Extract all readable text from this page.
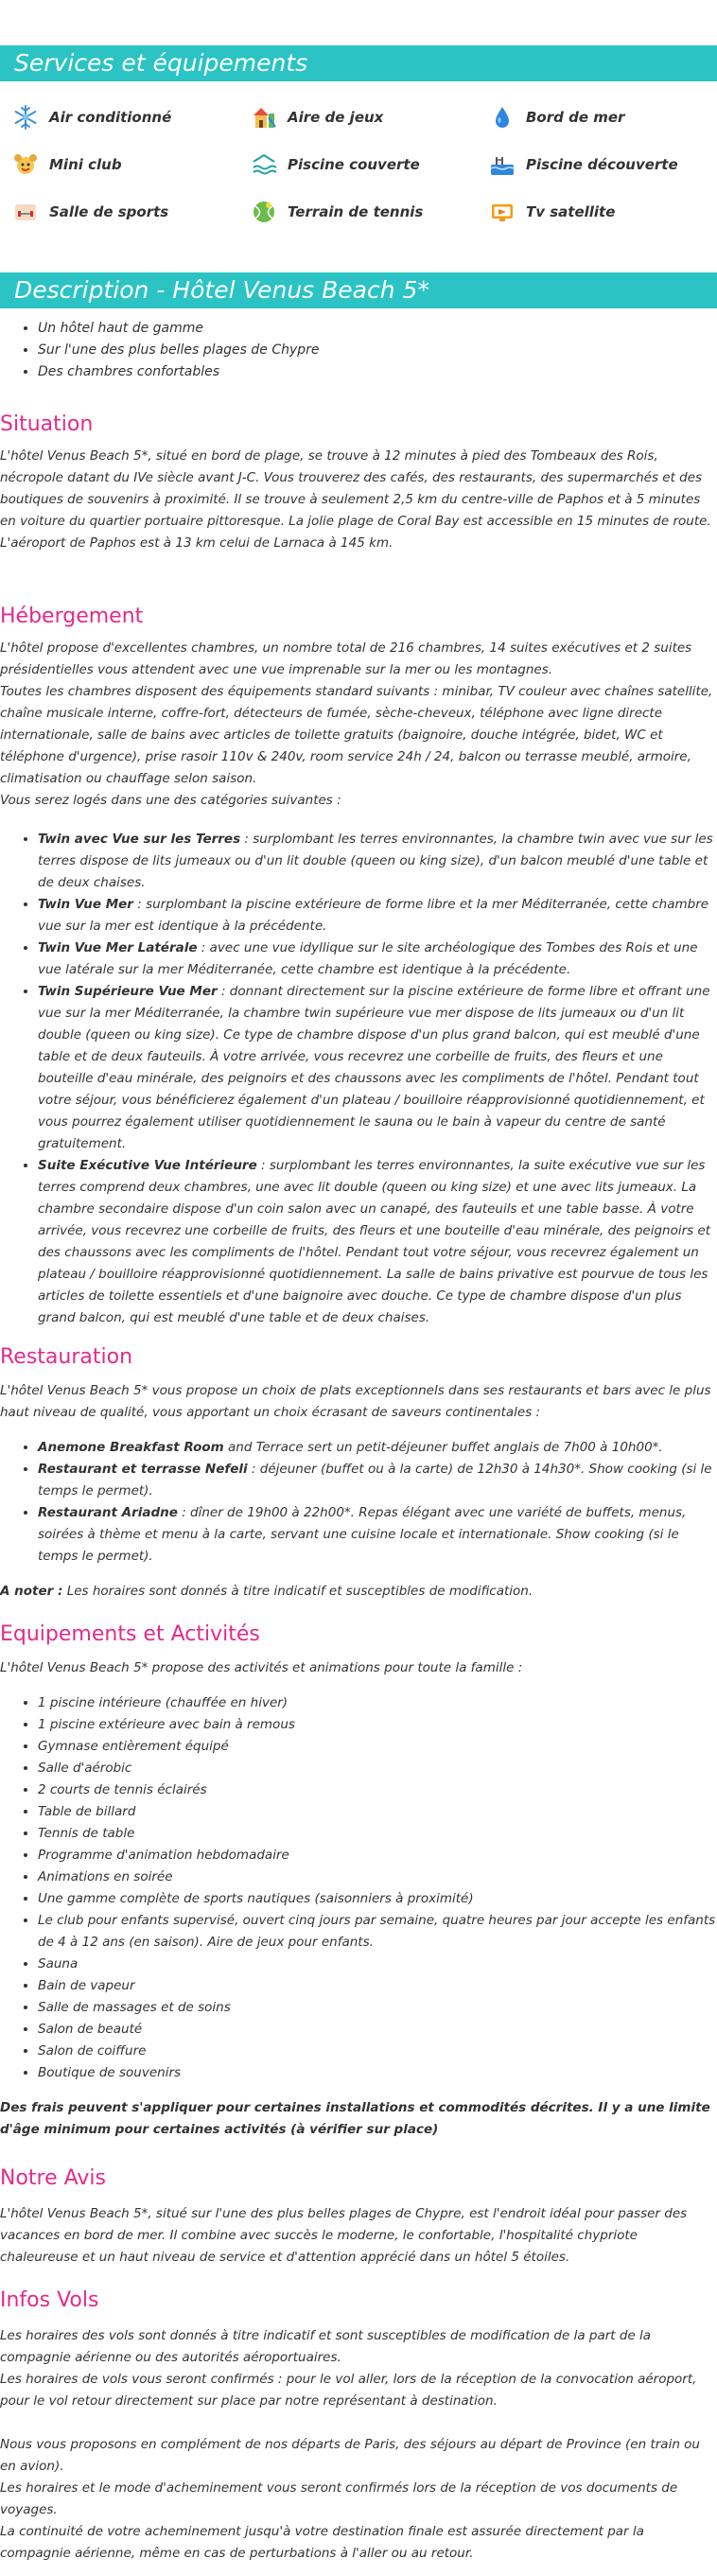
Services et équipements
Air conditionné	Aire de jeux	Bord de mer
Mini club	Piscine couverte	Piscine découverte
Salle de sports	Terrain de tennis	Tv satellite
Description - Hôtel Venus Beach 5*
• Un hôtel haut de gamme
• Sur l'une des plus belles plages de Chypre
• Des chambres confortables
Situation

L'hôtel Venus Beach 5*, situé en bord de plage, se trouve à 12 minutes à pied des Tombeaux des Rois, nécropole datant du IVe siècle avant J-C. Vous trouverez des cafés, des restaurants, des supermarchés et des boutiques de souvenirs à proximité. Il se trouve à seulement 2,5 km du centre-ville de Paphos et à 5 minutes en voiture du quartier portuaire pittoresque. La jolie plage de Coral Bay est accessible en 15 minutes de route. L'aéroport de Paphos est à 13 km celui de Larnaca à 145 km.

Hébergement

L'hôtel propose d'excellentes chambres, un nombre total de 216 chambres, 14 suites exécutives et 2 suites présidentielles vous attendent avec une vue imprenable sur la mer ou les montagnes.

Toutes les chambres disposent des équipements standard suivants : minibar, TV couleur avec chaînes satellite, chaîne musicale interne, coffre-fort, détecteurs de fumée, sèche-cheveux, téléphone avec ligne directe internationale, salle de bains avec articles de toilette gratuits (baignoire, douche intégrée, bidet, WC et téléphone d'urgence), prise rasoir 110v & 240v, room service 24h / 24, balcon ou terrasse meublé, armoire, climatisation ou chauffage selon saison.

Vous serez logés dans une des catégories suivantes :

• Twin avec Vue sur les Terres : surplombant les terres environnantes, la chambre twin avec vue sur les terres dispose de lits jumeaux ou d'un lit double (queen ou king size), d'un balcon meublé d'une table et de deux chaises.
• Twin Vue Mer : surplombant la piscine extérieure de forme libre et la mer Méditerranée, cette chambre vue sur la mer est identique à la précédente.
• Twin Vue Mer Latérale : avec une vue idyllique sur le site archéologique des Tombes des Rois et une vue latérale sur la mer Méditerranée, cette chambre est identique à la précédente.
• Twin Supérieure Vue Mer : donnant directement sur la piscine extérieure de forme libre et offrant une vue sur la mer Méditerranée, la chambre twin supérieure vue mer dispose de lits jumeaux ou d'un lit double (queen ou king size). Ce type de chambre dispose d'un plus grand balcon, qui est meublé d'une table et de deux fauteuils. À votre arrivée, vous recevrez une corbeille de fruits, des fleurs et une bouteille d'eau minérale, des peignoirs et des chaussons avec les compliments de l'hôtel. Pendant tout votre séjour, vous bénéficierez également d'un plateau / bouilloire réapprovisionné quotidiennement, et vous pourrez également utiliser quotidiennement le sauna ou le bain à vapeur du centre de santé gratuitement.
• Suite Exécutive Vue Intérieure : surplombant les terres environnantes, la suite exécutive vue sur les terres comprend deux chambres, une avec lit double (queen ou king size) et une avec lits jumeaux. La chambre secondaire dispose d'un coin salon avec un canapé, des fauteuils et une table basse. À votre arrivée, vous recevrez une corbeille de fruits, des fleurs et une bouteille d'eau minérale, des peignoirs et des chaussons avec les compliments de l'hôtel. Pendant tout votre séjour, vous recevrez également un plateau / bouilloire réapprovisionné quotidiennement. La salle de bains privative est pourvue de tous les articles de toilette essentiels et d'une baignoire avec douche. Ce type de chambre dispose d'un plus grand balcon, qui est meublé d'une table et de deux chaises.
Restauration

L'hôtel Venus Beach 5* vous propose un choix de plats exceptionnels dans ses restaurants et bars avec le plus haut niveau de qualité, vous apportant un choix écrasant de saveurs continentales :

• Anemone Breakfast Room and Terrace sert un petit-déjeuner buffet anglais de 7h00 à 10h00*.
• Restaurant et terrasse Nefeli : déjeuner (buffet ou à la carte) de 12h30 à 14h30*. Show cooking (si le temps le permet).
• Restaurant Ariadne : dîner de 19h00 à 22h00*. Repas élégant avec une variété de buffets, menus, soirées à thème et menu à la carte, servant une cuisine locale et internationale. Show cooking (si le temps le permet).

A noter : Les horaires sont donnés à titre indicatif et susceptibles de modification.

Equipements et Activités

L'hôtel Venus Beach 5* propose des activités et animations pour toute la famille :

• 1 piscine intérieure (chauffée en hiver)
• 1 piscine extérieure avec bain à remous
• Gymnase entièrement équipé
• Salle d'aérobic
• 2 courts de tennis éclairés
• Table de billard
• Tennis de table
• Programme d'animation hebdomadaire
• Animations en soirée
• Une gamme complète de sports nautiques (saisonniers à proximité)
• Le club pour enfants supervisé, ouvert cinq jours par semaine, quatre heures par jour accepte les enfants de 4 à 12 ans (en saison). Aire de jeux pour enfants.
• Sauna
• Bain de vapeur
• Salle de massages et de soins
• Salon de beauté
• Salon de coiffure
• Boutique de souvenirs

Des frais peuvent s'appliquer pour certaines installations et commodités décrites. Il y a une limite d'âge minimum pour certaines activités (à vérifier sur place)

Notre Avis

L'hôtel Venus Beach 5*, situé sur l'une des plus belles plages de Chypre, est l'endroit idéal pour passer des vacances en bord de mer. Il combine avec succès le moderne, le confortable, l'hospitalité chypriote chaleureuse et un haut niveau de service et d'attention apprécié dans un hôtel 5 étoiles.

Infos Vols

Les horaires des vols sont donnés à titre indicatif et sont susceptibles de modification de la part de la compagnie aérienne ou des autorités aéroportuaires.

Les horaires de vols vous seront confirmés : pour le vol aller, lors de la réception de la convocation aéroport, pour le vol retour directement sur place par notre représentant à destination.

Nous vous proposons en complément de nos départs de Paris, des séjours au départ de Province (en train ou en avion).

Les horaires et le mode d'acheminement vous seront confirmés lors de la réception de vos documents de voyages.

La continuité de votre acheminement jusqu'à votre destination finale est assurée directement par la compagnie aérienne, même en cas de perturbations à l'aller ou au retour.
